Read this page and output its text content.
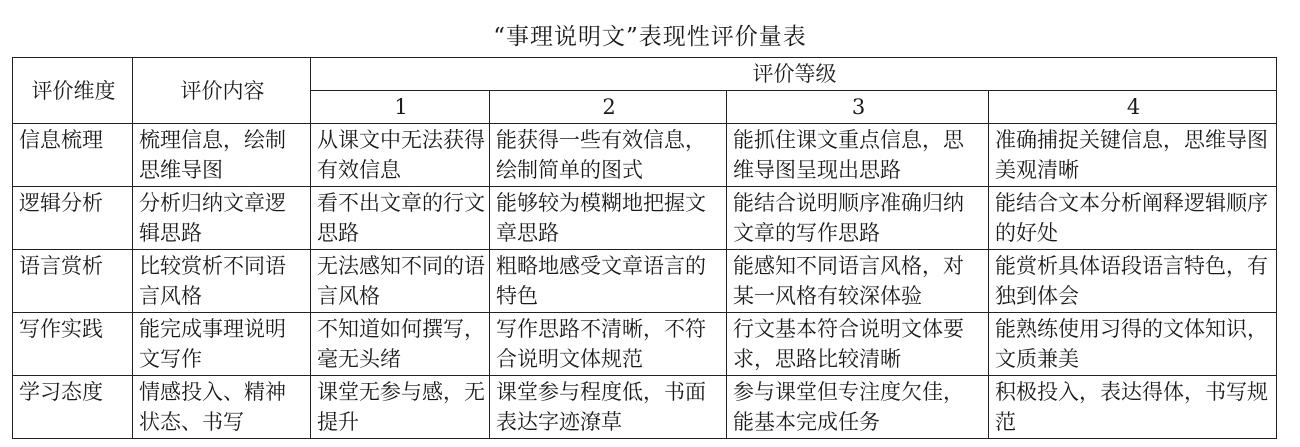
“事理说明文”表现性评价量表
评价维度	评价内容	评价等级			
		1	2	3	4
信息梳理	梳理信息，绘制思维导图	从课文中无法获得有效信息	能获得一些有效信息，绘制简单的图式	能抓住课文重点信息，思维导图呈现出思路	准确捕捉关键信息，思维导图美观清晰
逻辑分析	分析归纳文章逻辑思路	看不出文章的行文思路	能够较为模糊地把握文章思路	能结合说明顺序准确归纳文章的写作思路	能结合文本分析阐释逻辑顺序的好处
语言赏析	比较赏析不同语言风格	无法感知不同的语言风格	粗略地感受文章语言的特色	能感知不同语言风格，对某一风格有较深体验	能赏析具体语段语言特色，有独到体会
写作实践	能完成事理说明文写作	不知道如何撰写，毫无头绪	写作思路不清晰，不符合说明文体规范	行文基本符合说明文体要求，思路比较清晰	能熟练使用习得的文体知识，文质兼美
学习态度	情感投入、精神状态、书写	课堂无参与感，无提升	课堂参与程度低，书面表达字迹潦草	参与课堂但专注度欠佳，能基本完成任务	积极投入，表达得体，书写规范
